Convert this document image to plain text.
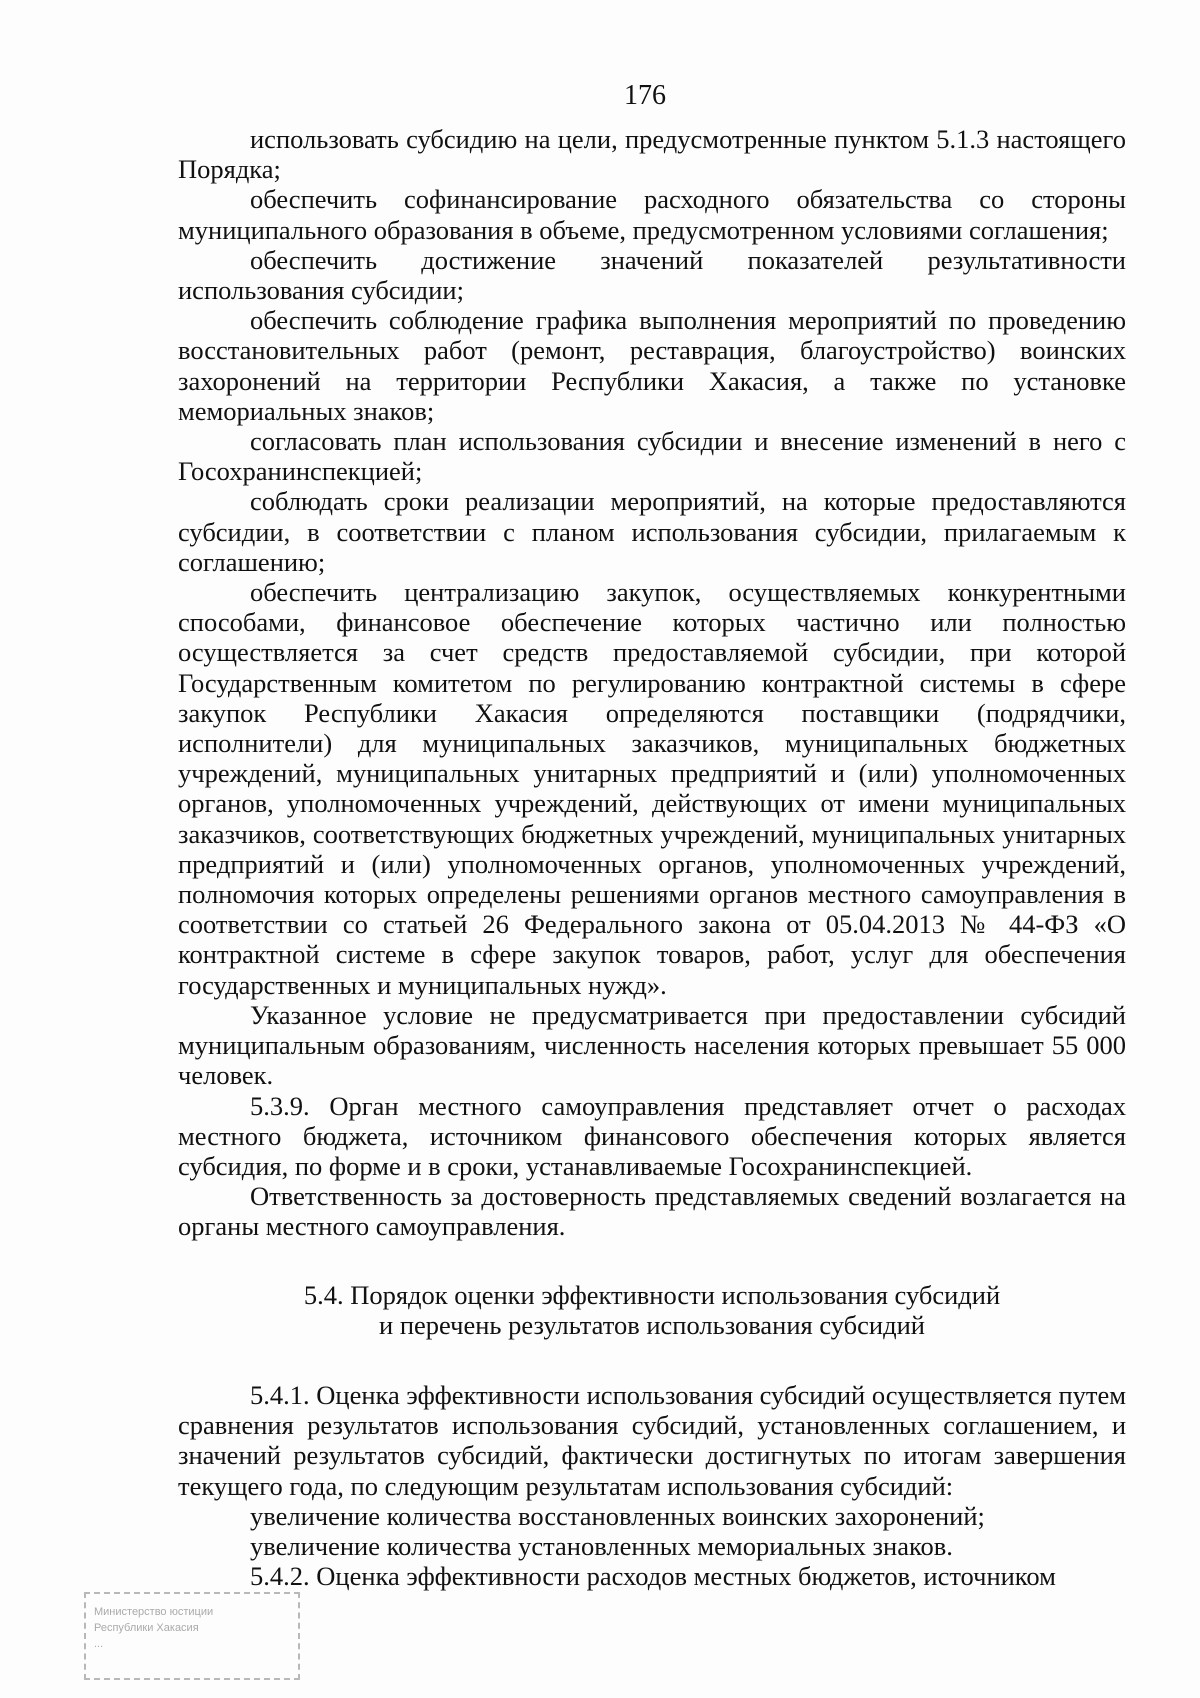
176

использовать субсидию на цели, предусмотренные пунктом 5.1.3 настоящего Порядка;

обеспечить софинансирование расходного обязательства со стороны муниципального образования в объеме, предусмотренном условиями соглашения;

обеспечить достижение значений показателей результативности использования субсидии;

обеспечить соблюдение графика выполнения мероприятий по проведению восстановительных работ (ремонт, реставрация, благоустройство) воинских захоронений на территории Республики Хакасия, а также по установке мемориальных знаков;

согласовать план использования субсидии и внесение изменений в него с Госохранинспекцией;

соблюдать сроки реализации мероприятий, на которые предоставляются субсидии, в соответствии с планом использования субсидии, прилагаемым к соглашению;

обеспечить централизацию закупок, осуществляемых конкурентными способами, финансовое обеспечение которых частично или полностью осуществляется за счет средств предоставляемой субсидии, при которой Государственным комитетом по регулированию контрактной системы в сфере закупок Республики Хакасия определяются поставщики (подрядчики, исполнители) для муниципальных заказчиков, муниципальных бюджетных учреждений, муниципальных унитарных предприятий и (или) уполномоченных органов, уполномоченных учреждений, действующих от имени муниципальных заказчиков, соответствующих бюджетных учреждений, муниципальных унитарных предприятий и (или) уполномоченных органов, уполномоченных учреждений, полномочия которых определены решениями органов местного самоуправления в соответствии со статьей 26 Федерального закона от 05.04.2013 № 44-ФЗ «О контрактной системе в сфере закупок товаров, работ, услуг для обеспечения государственных и муниципальных нужд».

Указанное условие не предусматривается при предоставлении субсидий муниципальным образованиям, численность населения которых превышает 55 000 человек.

5.3.9. Орган местного самоуправления представляет отчет о расходах местного бюджета, источником финансового обеспечения которых является субсидия, по форме и в сроки, устанавливаемые Госохранинспекцией.

Ответственность за достоверность представляемых сведений возлагается на органы местного самоуправления.

5.4. Порядок оценки эффективности использования субсидий
и перечень результатов использования субсидий

5.4.1. Оценка эффективности использования субсидий осуществляется путем сравнения результатов использования субсидий, установленных соглашением, и значений результатов субсидий, фактически достигнутых по итогам завершения текущего года, по следующим результатам использования субсидий:

увеличение количества восстановленных воинских захоронений;

увеличение количества установленных мемориальных знаков.

5.4.2. Оценка эффективности расходов местных бюджетов, источником

Министерство юстиции
Республики Хакасия
...
